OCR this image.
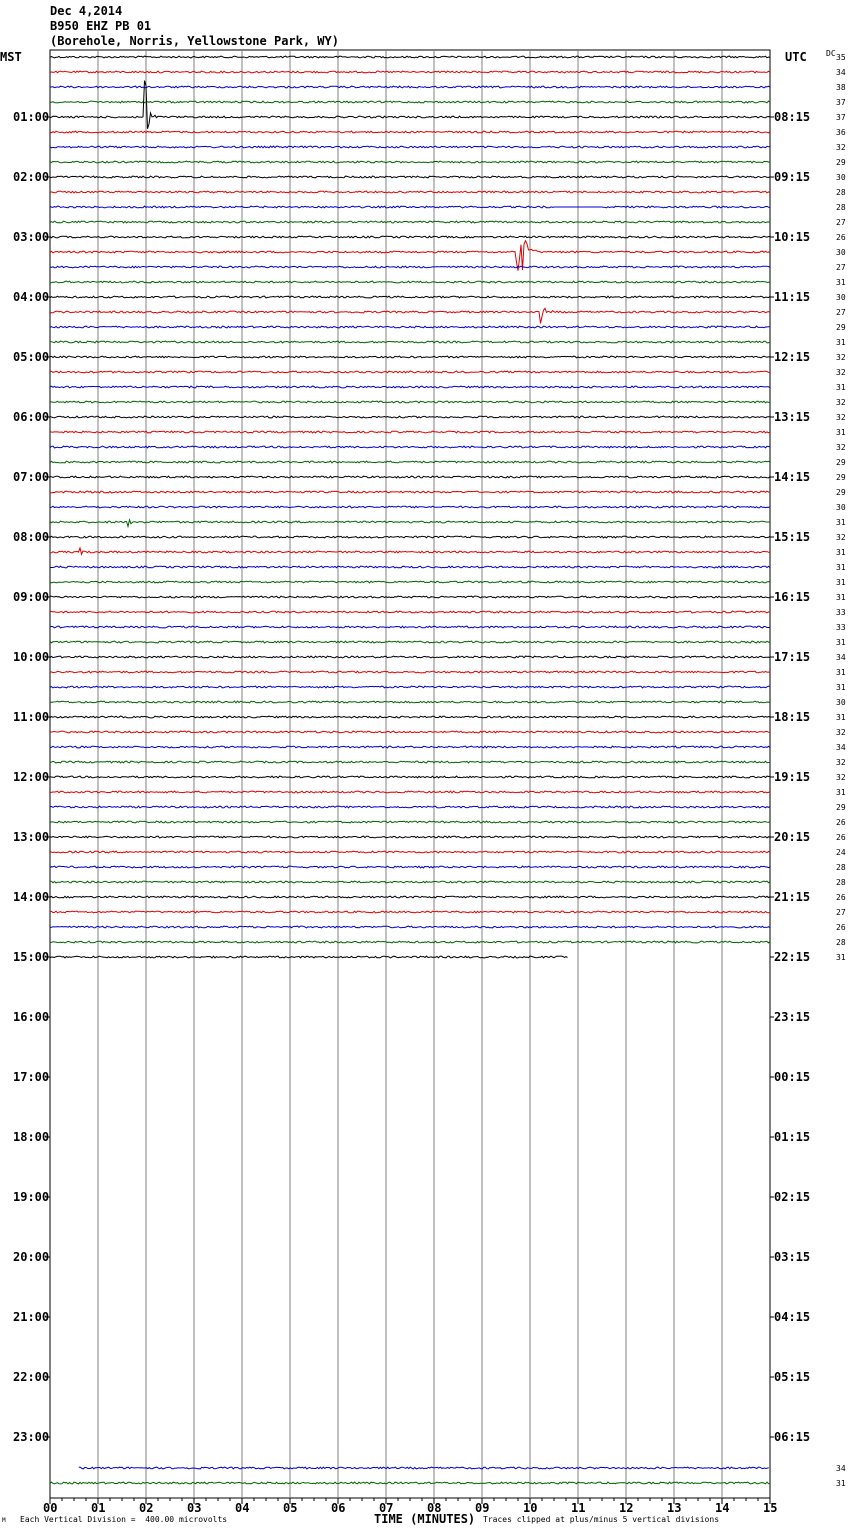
Dec 4,2014
B950 EHZ PB 01
(Borehole, Norris, Yellowstone Park, WY)
MST	UTC DC
00	01	02	03	04	05	06	07	08	09	10	11	12	13	14	15
01:00
02:00
03:00
04:00
05:00
06:00
07:00
08:00
09:00
10:00
11:00
12:00
13:00
14:00
15:00
16:00
17:00
18:00
19:00
20:00
21:00
22:00
23:00
08:15
09:15
10:15
11:15
12:15
13:15
14:15
15:15
16:15
17:15
18:15
19:15
20:15
21:15
22:15
23:15
00:15
01:15
02:15
03:15
04:15
05:15
06:15
35
34
38
37
37
36
32
29
30
28
28
27
26
30
27
31
30
27
29
31
32
32
31
32
32
31
32
29
29
29
30
31
32
31
31
31
31
33
33
31
34
31
31
30
31
32
34
32
32
31
29
26
26
24
28
28
26
27
26
28
31
34
31
M Each Vertical Division =  400.00 microvolts	TIME (MINUTES) Traces clipped at plus/minus 5 vertical divisions
